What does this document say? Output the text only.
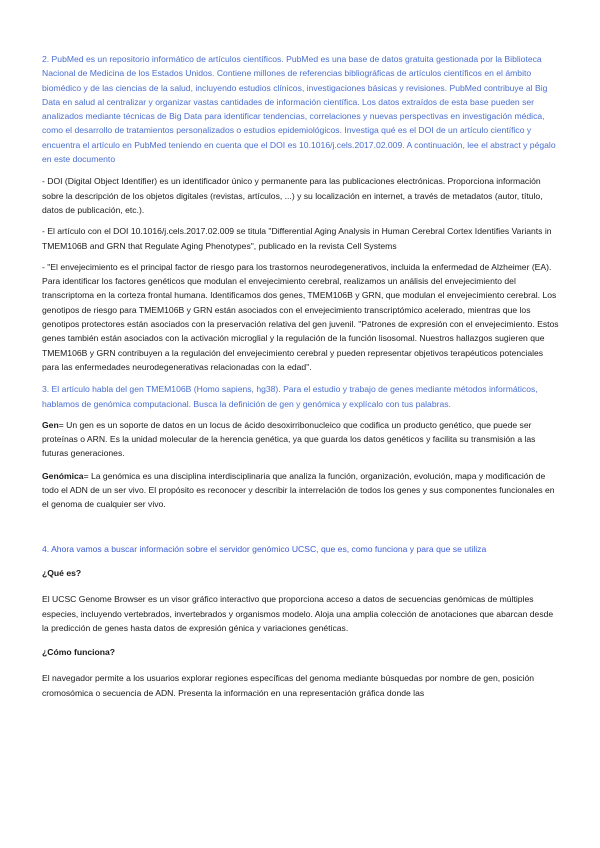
2. PubMed es un repositorio informático de artículos científicos. PubMed es una base de datos gratuita gestionada por la Biblioteca Nacional de Medicina de los Estados Unidos. Contiene millones de referencias bibliográficas de artículos científicos en el ámbito biomédico y de las ciencias de la salud, incluyendo estudios clínicos, investigaciones básicas y revisiones. PubMed contribuye al Big Data en salud al centralizar y organizar vastas cantidades de información científica. Los datos extraídos de esta base pueden ser analizados mediante técnicas de Big Data para identificar tendencias, correlaciones y nuevas perspectivas en investigación médica, como el desarrollo de tratamientos personalizados o estudios epidemiológicos. Investiga qué es el DOI de un artículo científico y encuentra el artículo en PubMed teniendo en cuenta que el DOI es 10.1016/j.cels.2017.02.009. A continuación, lee el abstract y pégalo en este documento

- DOI (Digital Object Identifier) es un identificador único y permanente para las publicaciones electrónicas. Proporciona información sobre la descripción de los objetos digitales (revistas, artículos, ...) y su localización en internet, a través de metadatos (autor, título, datos de publicación, etc.).

- El artículo con el DOI 10.1016/j.cels.2017.02.009 se titula "Differential Aging Analysis in Human Cerebral Cortex Identifies Variants in TMEM106B and GRN that Regulate Aging Phenotypes", publicado en la revista Cell Systems

- "El envejecimiento es el principal factor de riesgo para los trastornos neurodegenerativos, incluida la enfermedad de Alzheimer (EA). Para identificar los factores genéticos que modulan el envejecimiento cerebral, realizamos un análisis del envejecimiento del transcriptoma en la corteza frontal humana. Identificamos dos genes, TMEM106B y GRN, que modulan el envejecimiento cerebral. Los genotipos de riesgo para TMEM106B y GRN están asociados con el envejecimiento transcriptómico acelerado, mientras que los genotipos protectores están asociados con la preservación relativa del gen juvenil. "Patrones de expresión con el envejecimiento. Estos genes también están asociados con la activación microglial y la regulación de la función lisosomal. Nuestros hallazgos sugieren que TMEM106B y GRN contribuyen a la regulación del envejecimiento cerebral y pueden representar objetivos terapéuticos potenciales para las enfermedades neurodegenerativas relacionadas con la edad".

3. El artículo habla del gen TMEM106B (Homo sapiens, hg38). Para el estudio y trabajo de genes mediante métodos informáticos, hablamos de genómica computacional. Busca la definición de gen y genómica y explícalo con tus palabras.

Gen= Un gen es un soporte de datos en un locus de ácido desoxirribonucleico que codifica un producto genético, que puede ser proteínas o ARN. Es la unidad molecular de la herencia genética, ya que guarda los datos genéticos y facilita su transmisión a las futuras generaciones.

Genómica= La genómica es una disciplina interdisciplinaria que analiza la función, organización, evolución, mapa y modificación de todo el ADN de un ser vivo. El propósito es reconocer y describir la interrelación de todos los genes y sus componentes funcionales en el genoma de cualquier ser vivo.

4. Ahora vamos a buscar información sobre el servidor genómico UCSC, que es, como funciona y para que se utiliza

¿Qué es?

El UCSC Genome Browser es un visor gráfico interactivo que proporciona acceso a datos de secuencias genómicas de múltiples especies, incluyendo vertebrados, invertebrados y organismos modelo. Aloja una amplia colección de anotaciones que abarcan desde la predicción de genes hasta datos de expresión génica y variaciones genéticas.

¿Cómo funciona?

El navegador permite a los usuarios explorar regiones específicas del genoma mediante búsquedas por nombre de gen, posición cromosómica o secuencia de ADN. Presenta la información en una representación gráfica donde las
